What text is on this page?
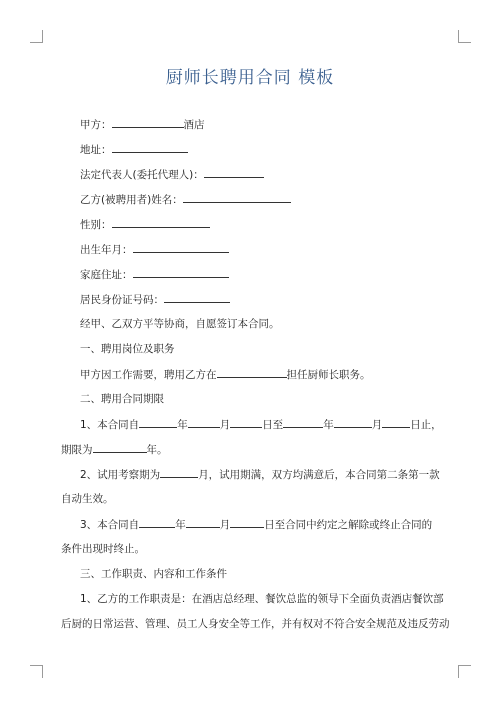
厨师长聘用合同 模板
甲方：	酒店
地址：
法定代表人(委托代理人)：
乙方(被聘用者)姓名：
性别：
出生年月：
家庭住址：
居民身份证号码：
经甲、乙双方平等协商，自愿签订本合同。
一、聘用岗位及职务
甲方因工作需要，聘用乙方在	担任厨师长职务。
二、聘用合同期限
1、本合同自	年	月	日至	年	月	日止，
期限为	年。
2、试用考察期为	月，试用期满，双方均满意后，本合同第二条第一款
自动生效。
3、本合同自	年	月	日至合同中约定之解除或终止合同的
条件出现时终止。
三、工作职责、内容和工作条件
1、乙方的工作职责是：在酒店总经理、餐饮总监的领导下全面负责酒店餐饮部
后厨的日常运营、管理、员工人身安全等工作，并有权对不符合安全规范及违反劳动
